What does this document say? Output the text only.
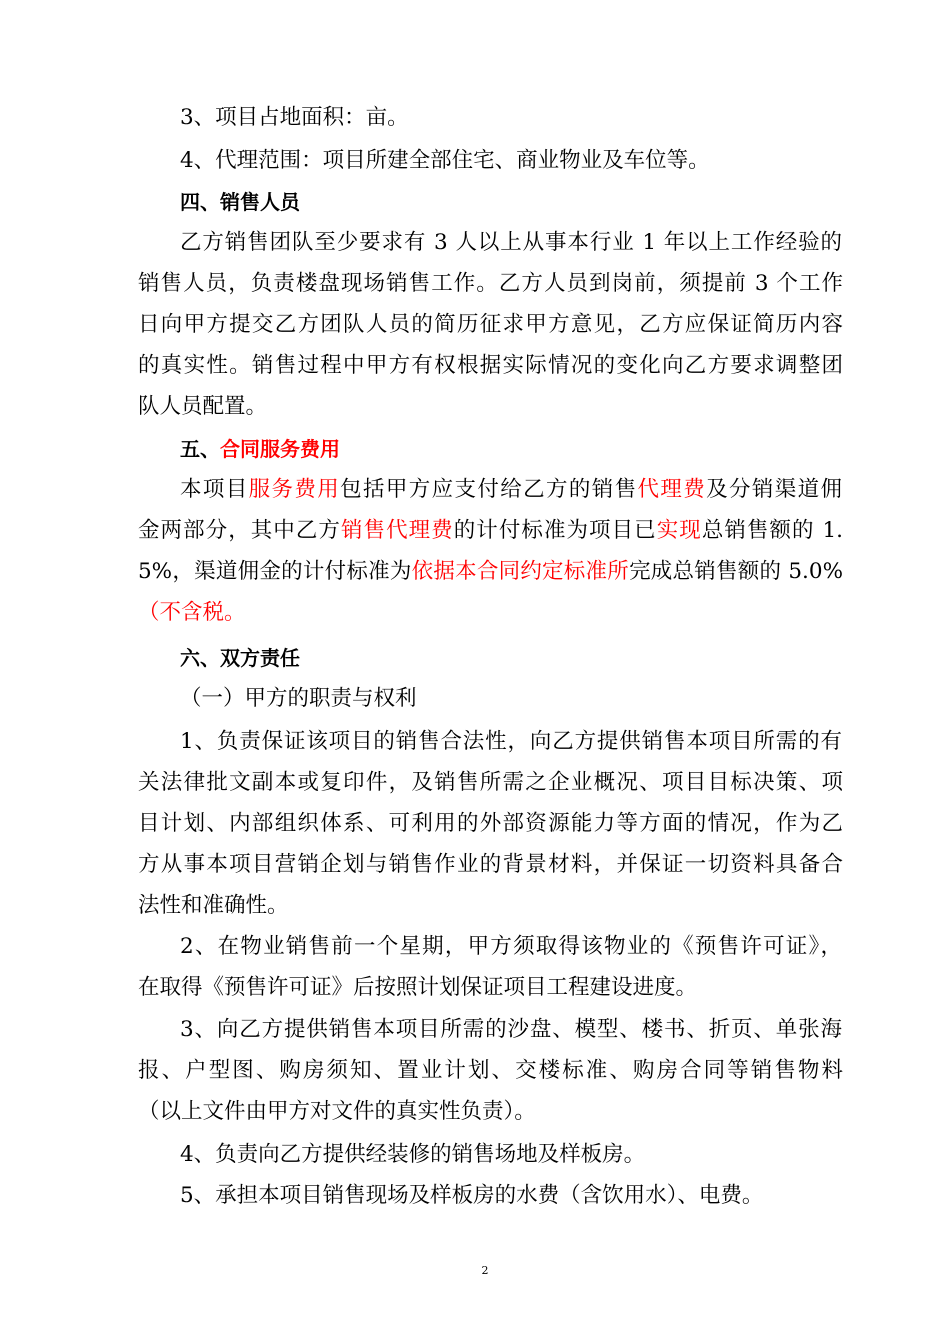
3、项目占地面积：亩。
4、代理范围：项目所建全部住宅、商业物业及车位等。
四、销售人员
乙方销售团队至少要求有 3 人以上从事本行业 1 年以上工作经验的
销售人员，负责楼盘现场销售工作。乙方人员到岗前，须提前 3 个工作
日向甲方提交乙方团队人员的简历征求甲方意见，乙方应保证简历内容
的真实性。销售过程中甲方有权根据实际情况的变化向乙方要求调整团
队人员配置。
五、合同服务费用
本项目服务费用包括甲方应支付给乙方的销售代理费及分销渠道佣
金两部分，其中乙方销售代理费的计付标准为项目已实现总销售额的 1.
5%，渠道佣金的计付标准为依据本合同约定标准所完成总销售额的 5.0%
（不含税。
六、双方责任
（一）甲方的职责与权利
1、负责保证该项目的销售合法性，向乙方提供销售本项目所需的有
关法律批文副本或复印件，及销售所需之企业概况、项目目标决策、项
目计划、内部组织体系、可利用的外部资源能力等方面的情况，作为乙
方从事本项目营销企划与销售作业的背景材料，并保证一切资料具备合
法性和准确性。
2、在物业销售前一个星期，甲方须取得该物业的《预售许可证》，
在取得《预售许可证》后按照计划保证项目工程建设进度。
3、向乙方提供销售本项目所需的沙盘、模型、楼书、折页、单张海
报、户型图、购房须知、置业计划、交楼标准、购房合同等销售物料
（以上文件由甲方对文件的真实性负责）。
4、负责向乙方提供经装修的销售场地及样板房。
5、承担本项目销售现场及样板房的水费（含饮用水）、电费。
2
